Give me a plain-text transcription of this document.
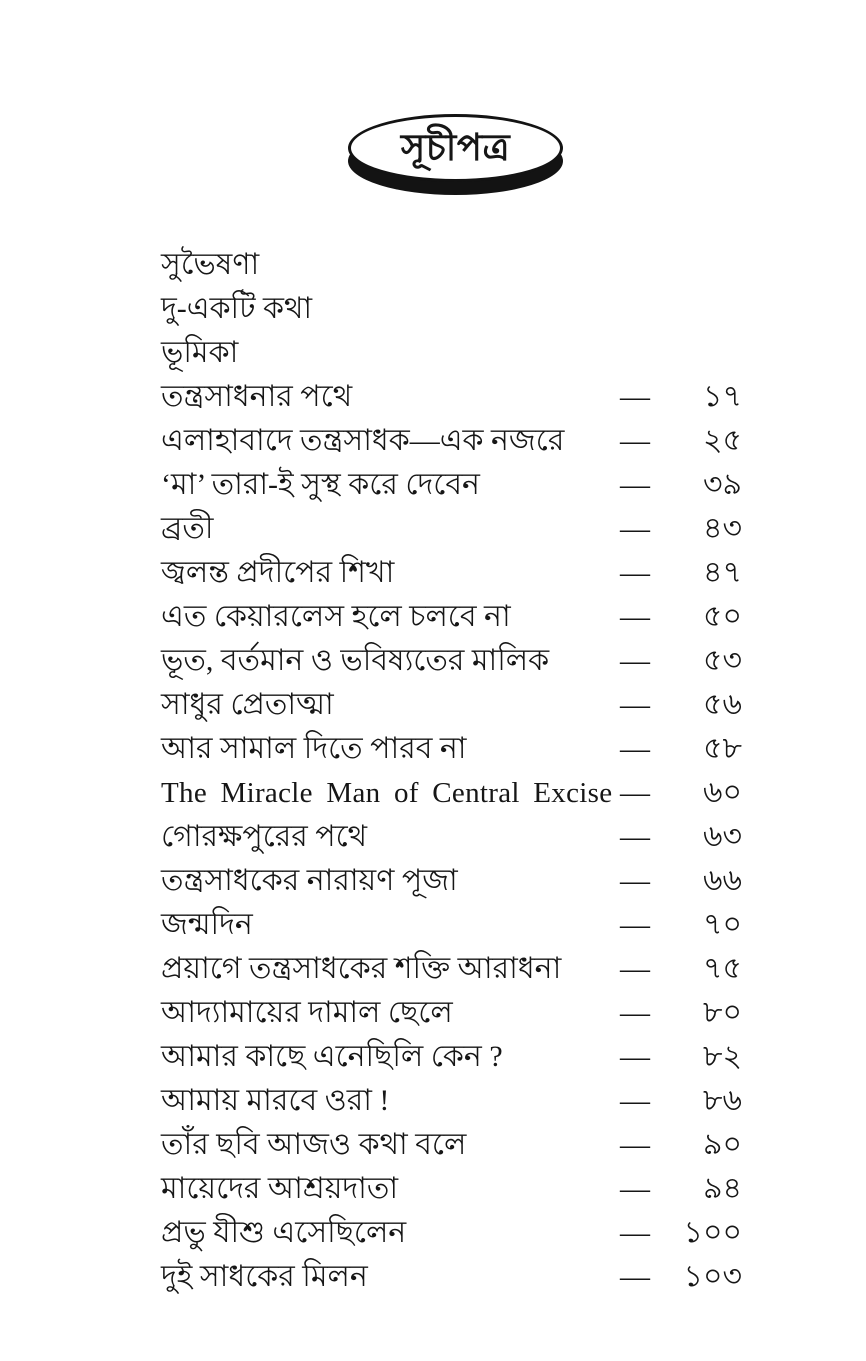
সূচীপত্র
সুভৈষণা
দু-একটি কথা
ভূমিকা
তন্ত্রসাধনার পথে	—	১৭
এলাহাবাদে তন্ত্রসাধক—এক নজরে	—	২৫
‘মা’ তারা-ই সুস্থ করে দেবেন	—	৩৯
ব্রতী	—	৪৩
জ্বলন্ত প্রদীপের শিখা	—	৪৭
এত কেয়ারলেস হলে চলবে না	—	৫০
ভূত, বর্তমান ও ভবিষ্যতের মালিক	—	৫৩
সাধুর প্রেতাত্মা	—	৫৬
আর সামাল দিতে পারব না	—	৫৮
The Miracle Man of Central Excise —	৬০
গোরক্ষপুরের পথে	—	৬৩
তন্ত্রসাধকের নারায়ণ পূজা	—	৬৬
জন্মদিন	—	৭০
প্রয়াগে তন্ত্রসাধকের শক্তি আরাধনা	—	৭৫
আদ্যামায়ের দামাল ছেলে	—	৮০
আমার কাছে এনেছিলি কেন ?	—	৮২
আমায় মারবে ওরা !	—	৮৬
তাঁর ছবি আজও কথা বলে	—	৯০
মায়েদের আশ্রয়দাতা	—	৯৪
প্রভু যীশু এসেছিলেন	—	১০০
দুই সাধকের মিলন	—	১০৩
